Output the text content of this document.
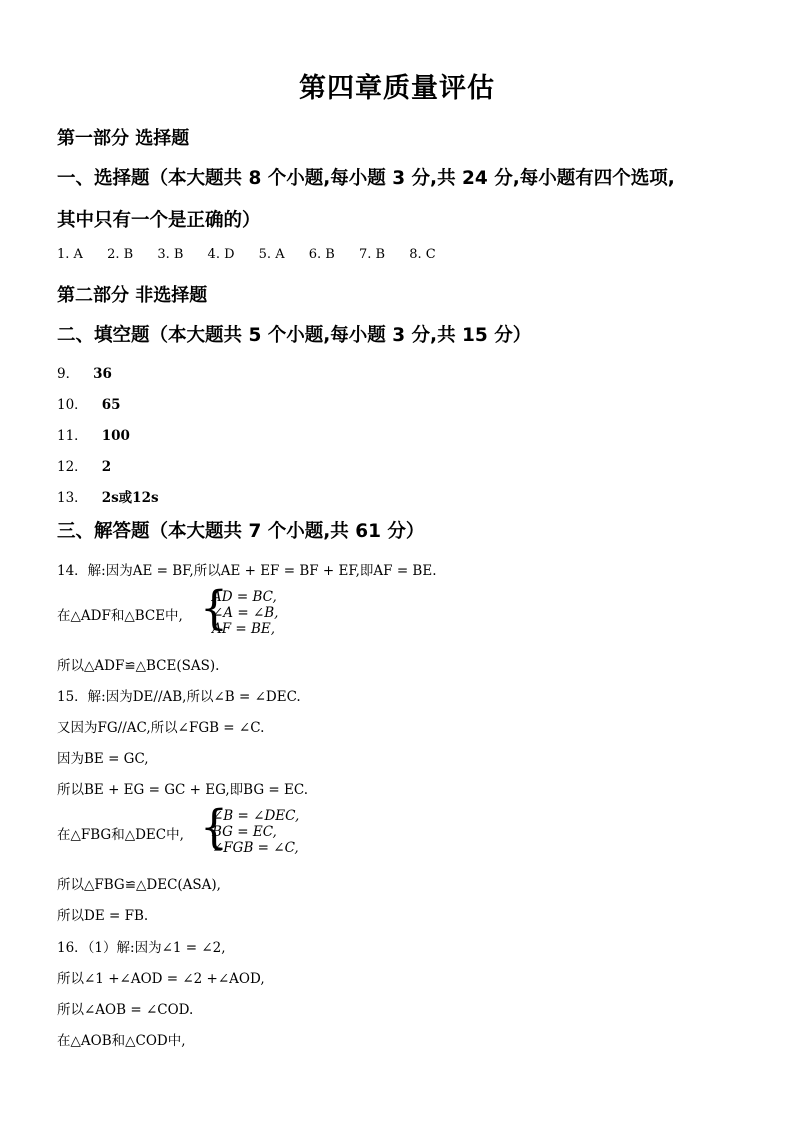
第四章质量评估
第一部分 选择题
一、选择题（本大题共 8 个小题,每小题 3 分,共 24 分,每小题有四个选项,
其中只有一个是正确的）
1. A 2. B 3. B 4. D 5. A 6. B 7. B 8. C
第二部分 非选择题
二、填空题（本大题共 5 个小题,每小题 3 分,共 15 分）
9． 36
10． 65
11． 100
12． 2
13． 2s或12s
三、解答题（本大题共 7 个小题,共 61 分）
14．解:因为AE = BF,所以AE + EF = BF + EF,即AF = BE.
在△ADF和△BCE中, {
AD = BC,
∠A = ∠B,
AF = BE,
所以△ADF≌△BCE(SAS).
15．解:因为DE//AB,所以∠B = ∠DEC.
又因为FG//AC,所以∠FGB = ∠C.
因为BE = GC,
所以BE + EG = GC + EG,即BG = EC.
在△FBG和△DEC中, {
∠B = ∠DEC,
BG = EC,
∠FGB = ∠C,
所以△FBG≌△DEC(ASA),
所以DE = FB.
16．（1）解:因为∠1 = ∠2,
所以∠1 +∠AOD = ∠2 +∠AOD,
所以∠AOB = ∠COD.
在△AOB和△COD中,
